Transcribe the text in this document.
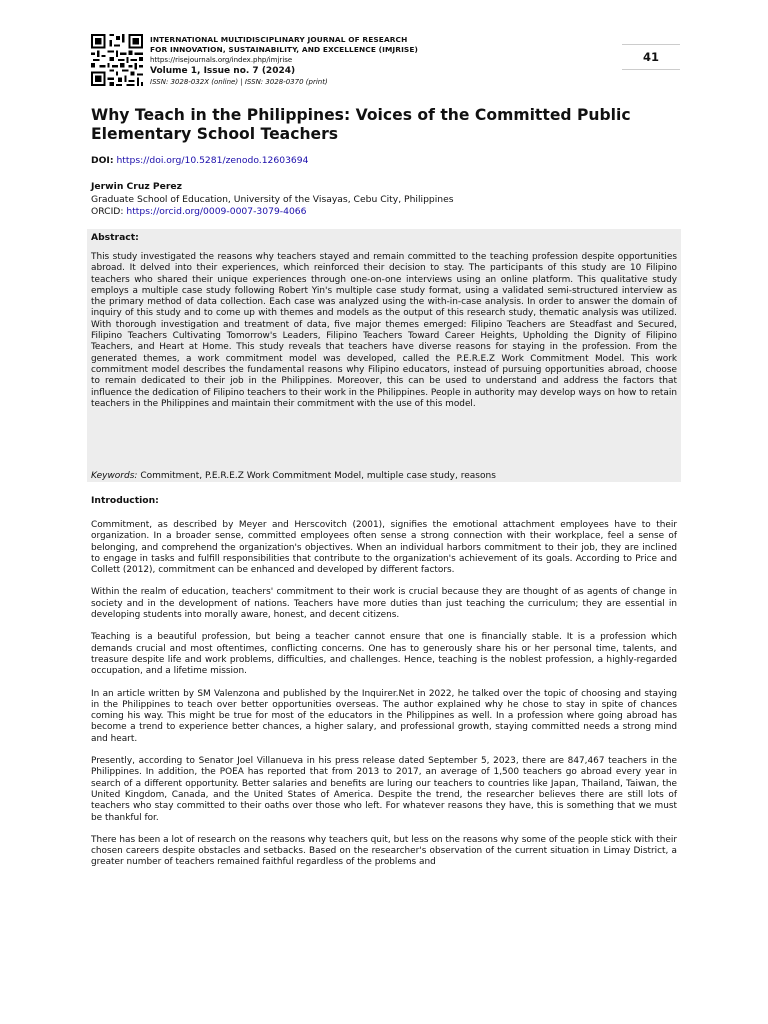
INTERNATIONAL MULTIDISCIPLINARY JOURNAL OF RESEARCH
FOR INNOVATION, SUSTAINABILITY, AND EXCELLENCE (IMJRISE)
https://risejournals.org/index.php/imjrise
Volume 1, Issue no. 7 (2024)
ISSN: 3028-032X (online) | ISSN: 3028-0370 (print)
41
Why Teach in the Philippines: Voices of the Committed Public Elementary School Teachers
DOI: https://doi.org/10.5281/zenodo.12603694
Jerwin Cruz Perez
Graduate School of Education, University of the Visayas, Cebu City, Philippines
ORCID: https://orcid.org/0009-0007-3079-4066
Abstract:

This study investigated the reasons why teachers stayed and remain committed to the teaching profession despite opportunities abroad. It delved into their experiences, which reinforced their decision to stay. The participants of this study are 10 Filipino teachers who shared their unique experiences through one-on-one interviews using an online platform. This qualitative study employs a multiple case study following Robert Yin's multiple case study format, using a validated semi-structured interview as the primary method of data collection. Each case was analyzed using the with-in-case analysis. In order to answer the domain of inquiry of this study and to come up with themes and models as the output of this research study, thematic analysis was utilized. With thorough investigation and treatment of data, five major themes emerged: Filipino Teachers are Steadfast and Secured, Filipino Teachers Cultivating Tomorrow's Leaders, Filipino Teachers Toward Career Heights, Upholding the Dignity of Filipino Teachers, and Heart at Home. This study reveals that teachers have diverse reasons for staying in the profession. From the generated themes, a work commitment model was developed, called the P.E.R.E.Z Work Commitment Model. This work commitment model describes the fundamental reasons why Filipino educators, instead of pursuing opportunities abroad, choose to remain dedicated to their job in the Philippines. Moreover, this can be used to understand and address the factors that influence the dedication of Filipino teachers to their work in the Philippines. People in authority may develop ways on how to retain teachers in the Philippines and maintain their commitment with the use of this model.

Keywords: Commitment, P.E.R.E.Z Work Commitment Model, multiple case study, reasons
Introduction:

Commitment, as described by Meyer and Herscovitch (2001), signifies the emotional attachment employees have to their organization. In a broader sense, committed employees often sense a strong connection with their workplace, feel a sense of belonging, and comprehend the organization's objectives. When an individual harbors commitment to their job, they are inclined to engage in tasks and fulfill responsibilities that contribute to the organization's achievement of its goals. According to Price and Collett (2012), commitment can be enhanced and developed by different factors.

Within the realm of education, teachers' commitment to their work is crucial because they are thought of as agents of change in society and in the development of nations. Teachers have more duties than just teaching the curriculum; they are essential in developing students into morally aware, honest, and decent citizens.

Teaching is a beautiful profession, but being a teacher cannot ensure that one is financially stable. It is a profession which demands crucial and most oftentimes, conflicting concerns. One has to generously share his or her personal time, talents, and treasure despite life and work problems, difficulties, and challenges. Hence, teaching is the noblest profession, a highly-regarded occupation, and a lifetime mission.

In an article written by SM Valenzona and published by the Inquirer.Net in 2022, he talked over the topic of choosing and staying in the Philippines to teach over better opportunities overseas. The author explained why he chose to stay in spite of chances coming his way. This might be true for most of the educators in the Philippines as well. In a profession where going abroad has become a trend to experience better chances, a higher salary, and professional growth, staying committed needs a strong mind and heart.

Presently, according to Senator Joel Villanueva in his press release dated September 5, 2023, there are 847,467 teachers in the Philippines. In addition, the POEA has reported that from 2013 to 2017, an average of 1,500 teachers go abroad every year in search of a different opportunity. Better salaries and benefits are luring our teachers to countries like Japan, Thailand, Taiwan, the United Kingdom, Canada, and the United States of America. Despite the trend, the researcher believes there are still lots of teachers who stay committed to their oaths over those who left. For whatever reasons they have, this is something that we must be thankful for.

There has been a lot of research on the reasons why teachers quit, but less on the reasons why some of the people stick with their chosen careers despite obstacles and setbacks. Based on the researcher's observation of the current situation in Limay District, a greater number of teachers remained faithful regardless of the problems and
